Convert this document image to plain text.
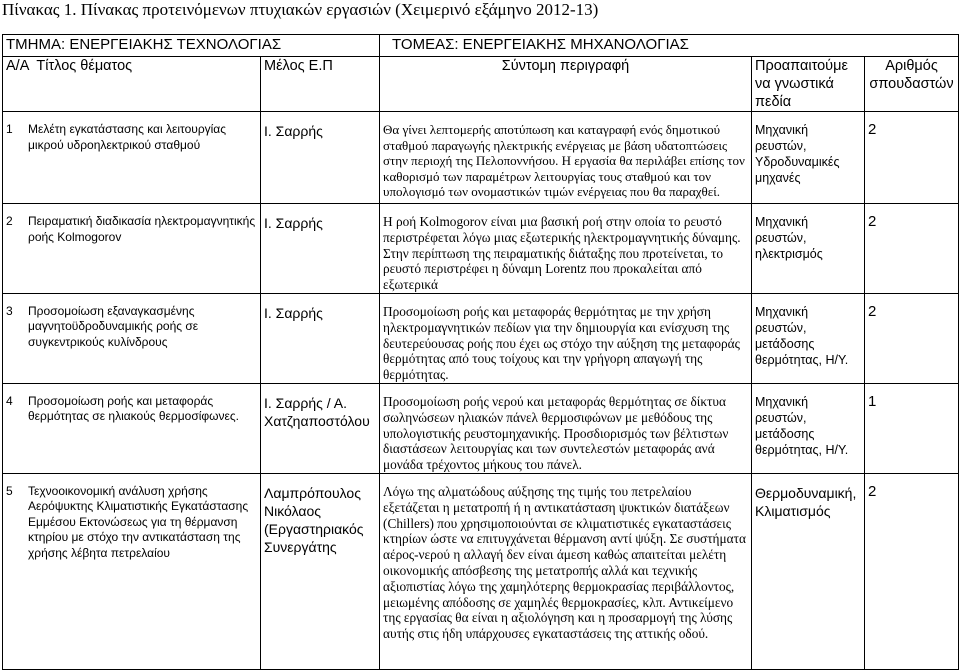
Πίνακας 1. Πίνακας προτεινόμενων πτυχιακών εργασιών (Χειμερινό εξάμηνο 2012-13)
ΤΜΗΜΑ: ΕΝΕΡΓΕΙΑΚΗΣ ΤΕΧΝΟΛΟΓΙΑΣ		ΤΟΜΕΑΣ: ΕΝΕΡΓΕΙΑΚΗΣ ΜΗΧΑΝΟΛΟΓΙΑΣ		
Α/Α  Τίτλος θέματος	Μέλος Ε.Π	Σύντομη περιγραφή	Προαπαιτούμε να γνωστικά πεδία	Αριθμός σπουδαστών

1 Μελέτη εγκατάστασης και λειτουργίας μικρού υδροηλεκτρικού σταθμού	Ι. Σαρρής	Θα γίνει λεπτομερής αποτύπωση και καταγραφή ενός δημοτικού σταθμού παραγωγής ηλεκτρικής ενέργειας με βάση υδατοπτώσεις στην περιοχή της Πελοποννήσου. Η εργασία θα περιλάβει επίσης τον καθορισμό των παραμέτρων λειτουργίας τους σταθμού και τον υπολογισμό των ονομαστικών τιμών ενέργειας που θα παραχθεί.	Μηχανική ρευστών, Υδροδυναμικές μηχανές	2

2 Πειραματική διαδικασία ηλεκτρομαγνητικής ροής Kolmogorov	Ι. Σαρρής	Η ροή Kolmogorov είναι μια βασική ροή στην οποία το ρευστό περιστρέφεται λόγω μιας εξωτερικής ηλεκτρομαγνητικής δύναμης. Στην περίπτωση της πειραματικής διάταξης που προτείνεται, το ρευστό περιστρέφει η δύναμη Lorentz που προκαλείται από εξωτερικά	Μηχανική ρευστών, ηλεκτρισμός	2

3 Προσομοίωση εξαναγκασμένης μαγνητοϋδροδυναμικής ροής σε συγκεντρικούς κυλίνδρους	Ι. Σαρρής	Προσομοίωση ροής και μεταφοράς θερμότητας με την χρήση ηλεκτρομαγνητικών πεδίων για την δημιουργία και ενίσχυση της δευτερεύουσας ροής που έχει ως στόχο την αύξηση της μεταφοράς θερμότητας από τους τοίχους και την γρήγορη απαγωγή της θερμότητας.	Μηχανική ρευστών, μετάδοσης θερμότητας, Η/Υ.	2

4 Προσομοίωση ροής και μεταφοράς θερμότητας σε ηλιακούς θερμοσίφωνες.	Ι. Σαρρής / Α. Χατζηαποστόλου	Προσομοίωση ροής νερού και μεταφοράς θερμότητας σε δίκτυα σωληνώσεων ηλιακών πάνελ θερμοσιφώνων με μεθόδους της υπολογιστικής ρευστομηχανικής. Προσδιορισμός των βέλτιστων διαστάσεων λειτουργίας και των συντελεστών μεταφοράς ανά μονάδα τρέχοντος μήκους του πάνελ.	Μηχανική ρευστών, μετάδοσης θερμότητας, Η/Υ.	1

5 Τεχνοοικονομική ανάλυση χρήσης Αερόψυκτης Κλιματιστικής Εγκατάστασης Εμμέσου Εκτονώσεως για τη θέρμανση κτηρίου με στόχο την αντικατάσταση της χρήσης λέβητα πετρελαίου	Λαμπρόπουλος Νικόλαος (Εργαστηριακός Συνεργάτης	Λόγω της αλματώδους αύξησης της τιμής του πετρελαίου εξετάζεται η μετατροπή ή η αντικατάσταση ψυκτικών διατάξεων (Chillers) που χρησιμοποιούνται σε κλιματιστικές εγκαταστάσεις κτηρίων ώστε να επιτυγχάνεται θέρμανση αντί ψύξη. Σε συστήματα αέρος-νερού η αλλαγή δεν είναι άμεση καθώς απαιτείται μελέτη οικονομικής απόσβεσης της μετατροπής αλλά και τεχνικής αξιοπιστίας λόγω της χαμηλότερης θερμοκρασίας περιβάλλοντος, μειωμένης απόδοσης σε χαμηλές θερμοκρασίες, κλπ. Αντικείμενο της εργασίας θα είναι η αξιολόγηση και η προσαρμογή της λύσης αυτής στις ήδη υπάρχουσες εγκαταστάσεις της αττικής οδού.	Θερμοδυναμική, Κλιματισμός	2
